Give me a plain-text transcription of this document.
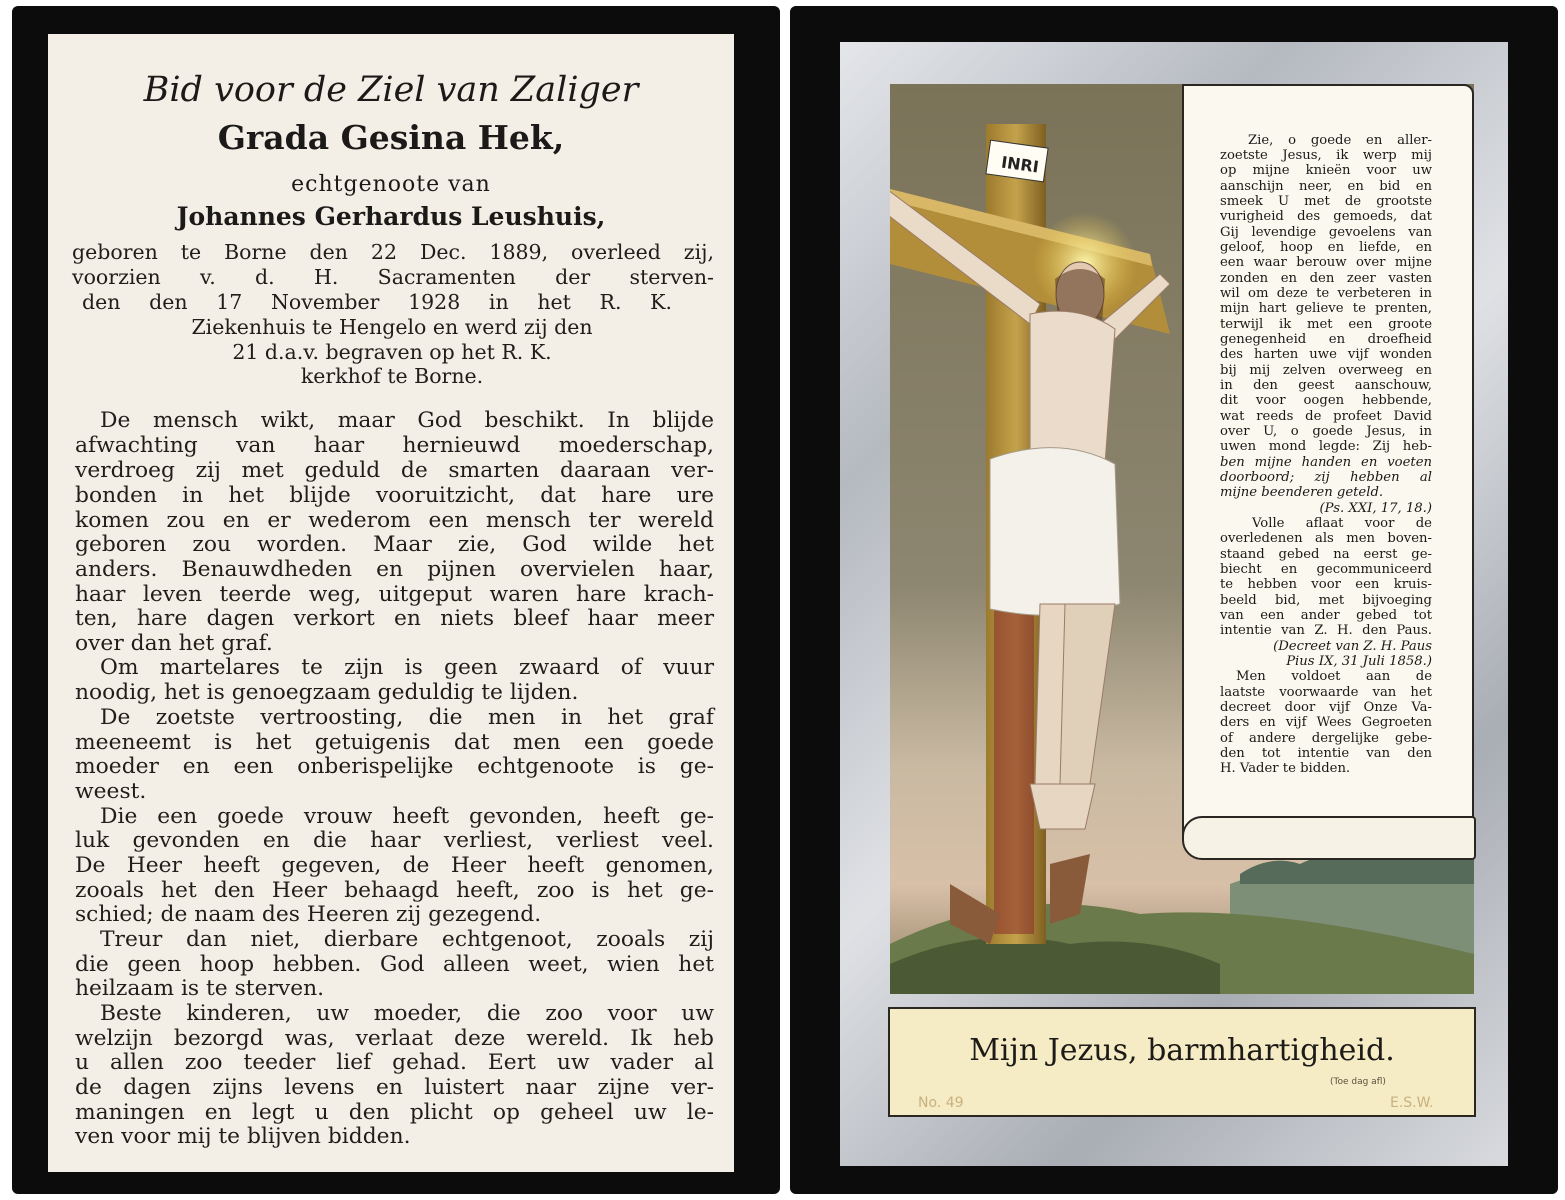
Bid voor de Ziel van Zaliger
Grada Gesina Hek,
echtgenoote van
Johannes Gerhardus Leushuis,
geboren te Borne den 22 Dec. 1889, overleed zij,
voorzien v. d. H. Sacramenten der sterven-
den den 17 November 1928 in het R. K.
Ziekenhuis te Hengelo en werd zij den
21 d.a.v. begraven op het R. K.
kerkhof te Borne.
De mensch wikt, maar God beschikt. In blijde
afwachting van haar hernieuwd moederschap,
verdroeg zij met geduld de smarten daaraan ver-
bonden in het blijde vooruitzicht, dat hare ure
komen zou en er wederom een mensch ter wereld
geboren zou worden. Maar zie, God wilde het
anders. Benauwdheden en pijnen overvielen haar,
haar leven teerde weg, uitgeput waren hare krach-
ten, hare dagen verkort en niets bleef haar meer
over dan het graf.
Om martelares te zijn is geen zwaard of vuur
noodig, het is genoegzaam geduldig te lijden.
De zoetste vertroosting, die men in het graf
meeneemt is het getuigenis dat men een goede
moeder en een onberispelijke echtgenoote is ge-
weest.
Die een goede vrouw heeft gevonden, heeft ge-
luk gevonden en die haar verliest, verliest veel.
De Heer heeft gegeven, de Heer heeft genomen,
zooals het den Heer behaagd heeft, zoo is het ge-
schied; de naam des Heeren zij gezegend.
Treur dan niet, dierbare echtgenoot, zooals zij
die geen hoop hebben. God alleen weet, wien het
heilzaam is te sterven.
Beste kinderen, uw moeder, die zoo voor uw
welzijn bezorgd was, verlaat deze wereld. Ik heb
u allen zoo teeder lief gehad. Eert uw vader al
de dagen zijns levens en luistert naar zijne ver-
maningen en legt u den plicht op geheel uw le-
ven voor mij te blijven bidden.
INRI
Zie, o goede en aller-
zoetste Jesus, ik werp mij
op mijne knieën voor uw
aanschijn neer, en bid en
smeek U met de grootste
vurigheid des gemoeds, dat
Gij levendige gevoelens van
geloof, hoop en liefde, en
een waar berouw over mijne
zonden en den zeer vasten
wil om deze te verbeteren in
mijn hart gelieve te prenten,
terwijl ik met een groote
genegenheid en droefheid
des harten uwe vijf wonden
bij mij zelven overweeg en
in den geest aanschouw,
dit voor oogen hebbende,
wat reeds de profeet David
over U, o goede Jesus, in
uwen mond legde: Zij heb-
ben mijne handen en voeten
doorboord; zij hebben al
mijne beenderen geteld.
(Ps. XXI, 17, 18.)
Volle aflaat voor de
overledenen als men boven-
staand gebed na eerst ge-
biecht en gecommuniceerd
te hebben voor een kruis-
beeld bid, met bijvoeging
van een ander gebed tot
intentie van Z. H. den Paus.
(Decreet van Z. H. Paus
Pius IX, 31 Juli 1858.)
Men voldoet aan de
laatste voorwaarde van het
decreet door vijf Onze Va-
ders en vijf Wees Gegroeten
of andere dergelijke gebe-
den tot intentie van den
H. Vader te bidden.
Mijn Jezus, barmhartigheid.
(Toe dag afl)
No. 49	E.S.W.
